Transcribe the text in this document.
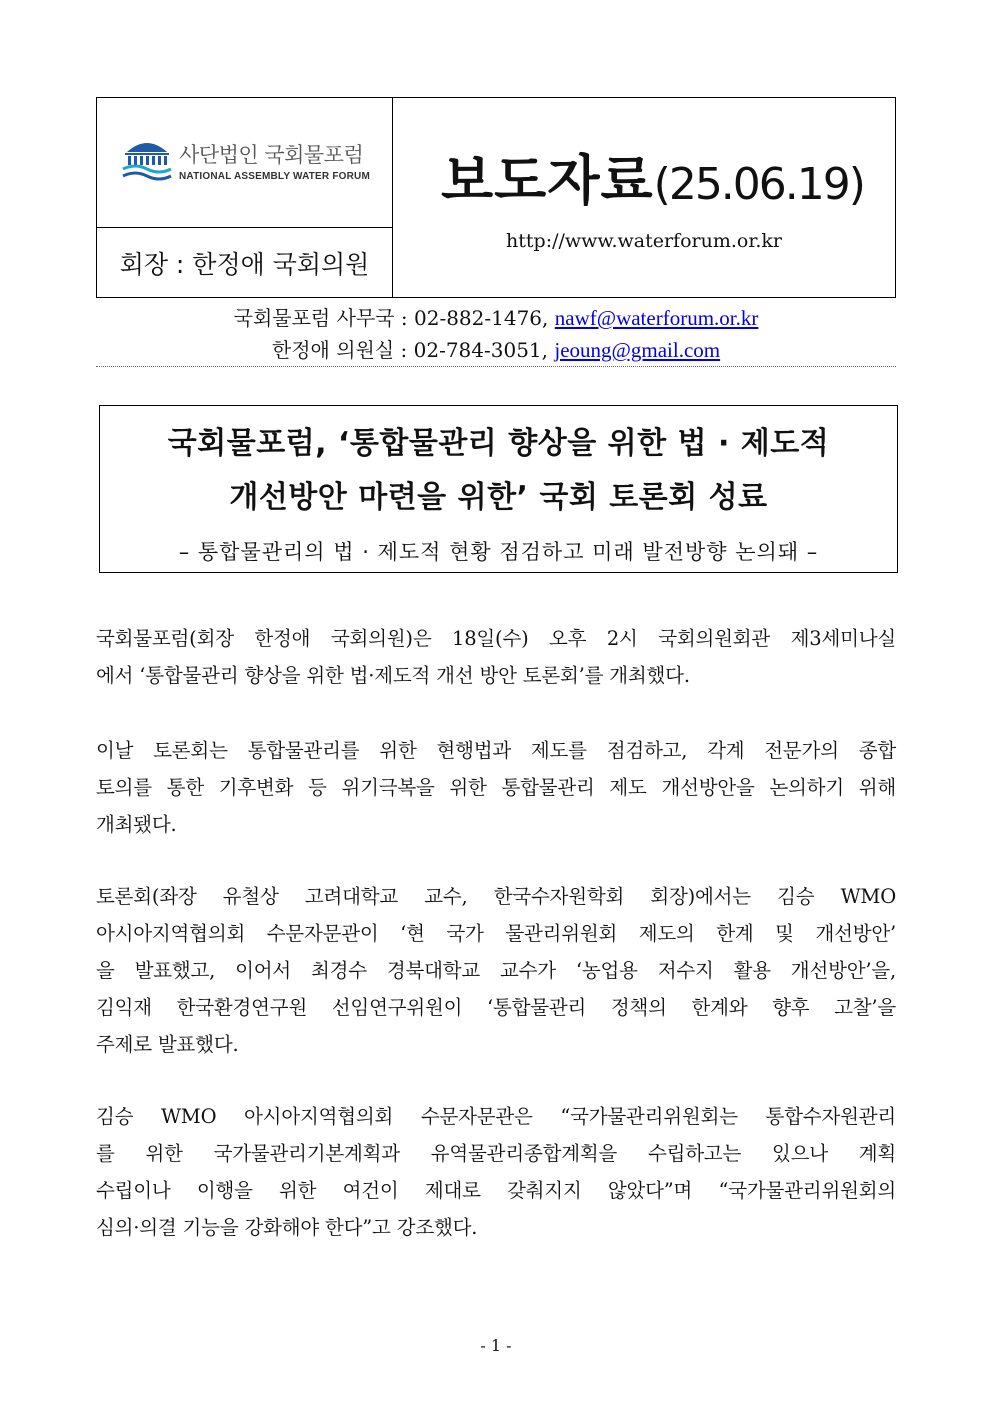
사단법인 국회물포럼
NATIONAL ASSEMBLY WATER FORUM
회장 : 한정애 국회의원
보도자료(25.06.19)
http://www.waterforum.or.kr
국회물포럼 사무국 : 02-882-1476, nawf@waterforum.or.kr
한정애 의원실 : 02-784-3051, jeoung@gmail.com
국회물포럼, ‘통합물관리 향상을 위한 법 · 제도적
개선방안 마련을 위한’ 국회 토론회 성료
– 통합물관리의 법 · 제도적 현황 점검하고 미래 발전방향 논의돼 –
국회물포럼(회장 한정애 국회의원)은 18일(수) 오후 2시 국회의원회관 제3세미나실
에서 ‘통합물관리 향상을 위한 법·제도적 개선 방안 토론회’를 개최했다.
이날 토론회는 통합물관리를 위한 현행법과 제도를 점검하고, 각계 전문가의 종합
토의를 통한 기후변화 등 위기극복을 위한 통합물관리 제도 개선방안을 논의하기 위해
개최됐다.
토론회(좌장 유철상 고려대학교 교수, 한국수자원학회 회장)에서는 김승 WMO
아시아지역협의회 수문자문관이 ‘현 국가 물관리위원회 제도의 한계 및 개선방안’
을 발표했고, 이어서 최경수 경북대학교 교수가 ‘농업용 저수지 활용 개선방안’을,
김익재 한국환경연구원 선임연구위원이 ‘통합물관리 정책의 한계와 향후 고찰’을
주제로 발표했다.
김승 WMO 아시아지역협의회 수문자문관은 “국가물관리위원회는 통합수자원관리
를 위한 국가물관리기본계획과 유역물관리종합계획을 수립하고는 있으나 계획
수립이나 이행을 위한 여건이 제대로 갖춰지지 않았다”며 “국가물관리위원회의
심의·의결 기능을 강화해야 한다”고 강조했다.
- 1 -
